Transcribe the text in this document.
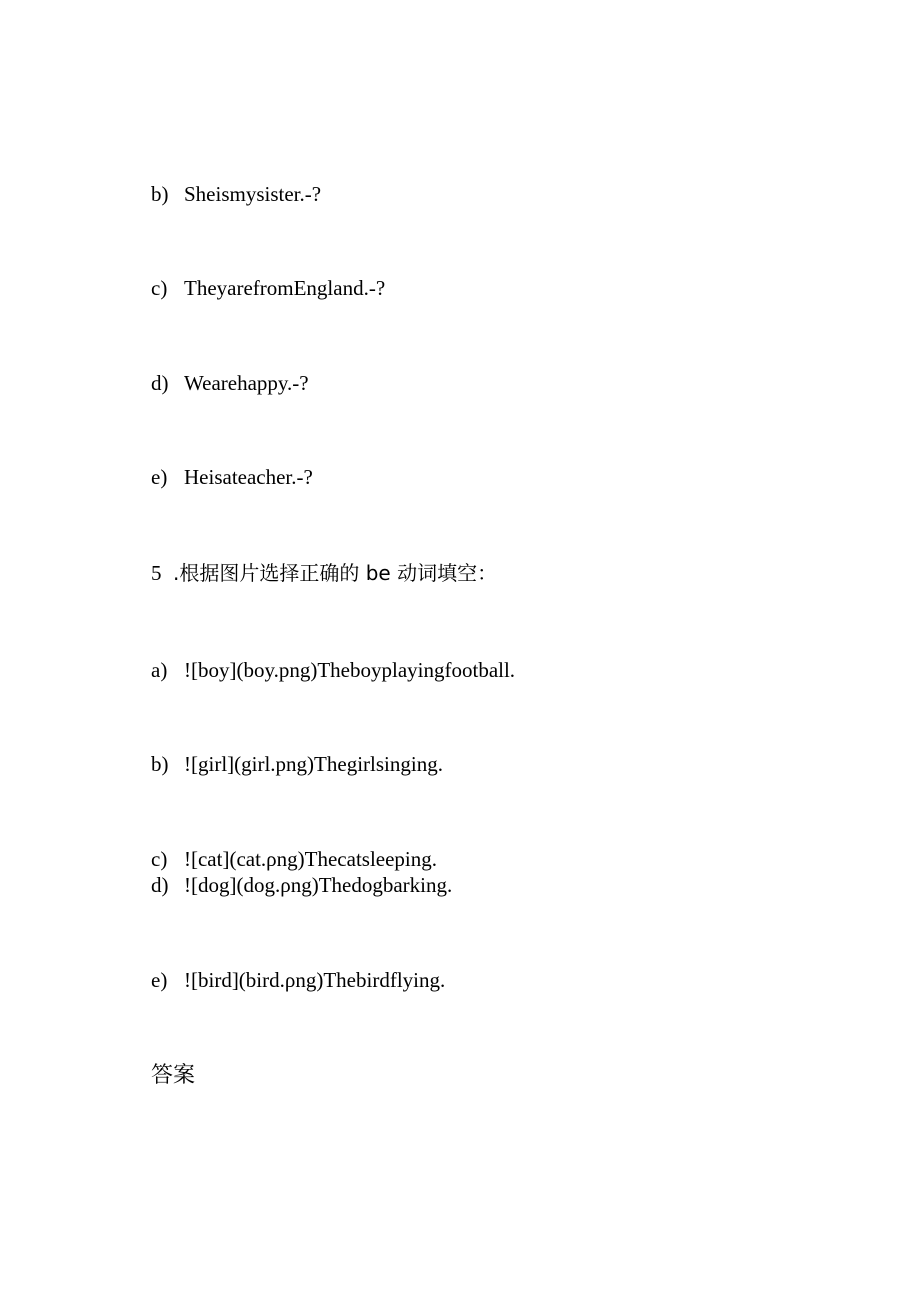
b) Sheismysister.-?
c) TheyarefromEngland.-?
d) Wearehappy.-?
e) Heisateacher.-?
5 .根据图片选择正确的 be 动词填空：
a) ![boy](boy.png)Theboyplayingfootball.
b) ![girl](girl.png)Thegirlsinging.
c) ![cat](cat.ρng)Thecatsleeping.
d) ![dog](dog.ρng)Thedogbarking.
e) ![bird](bird.ρng)Thebirdflying.
答案
